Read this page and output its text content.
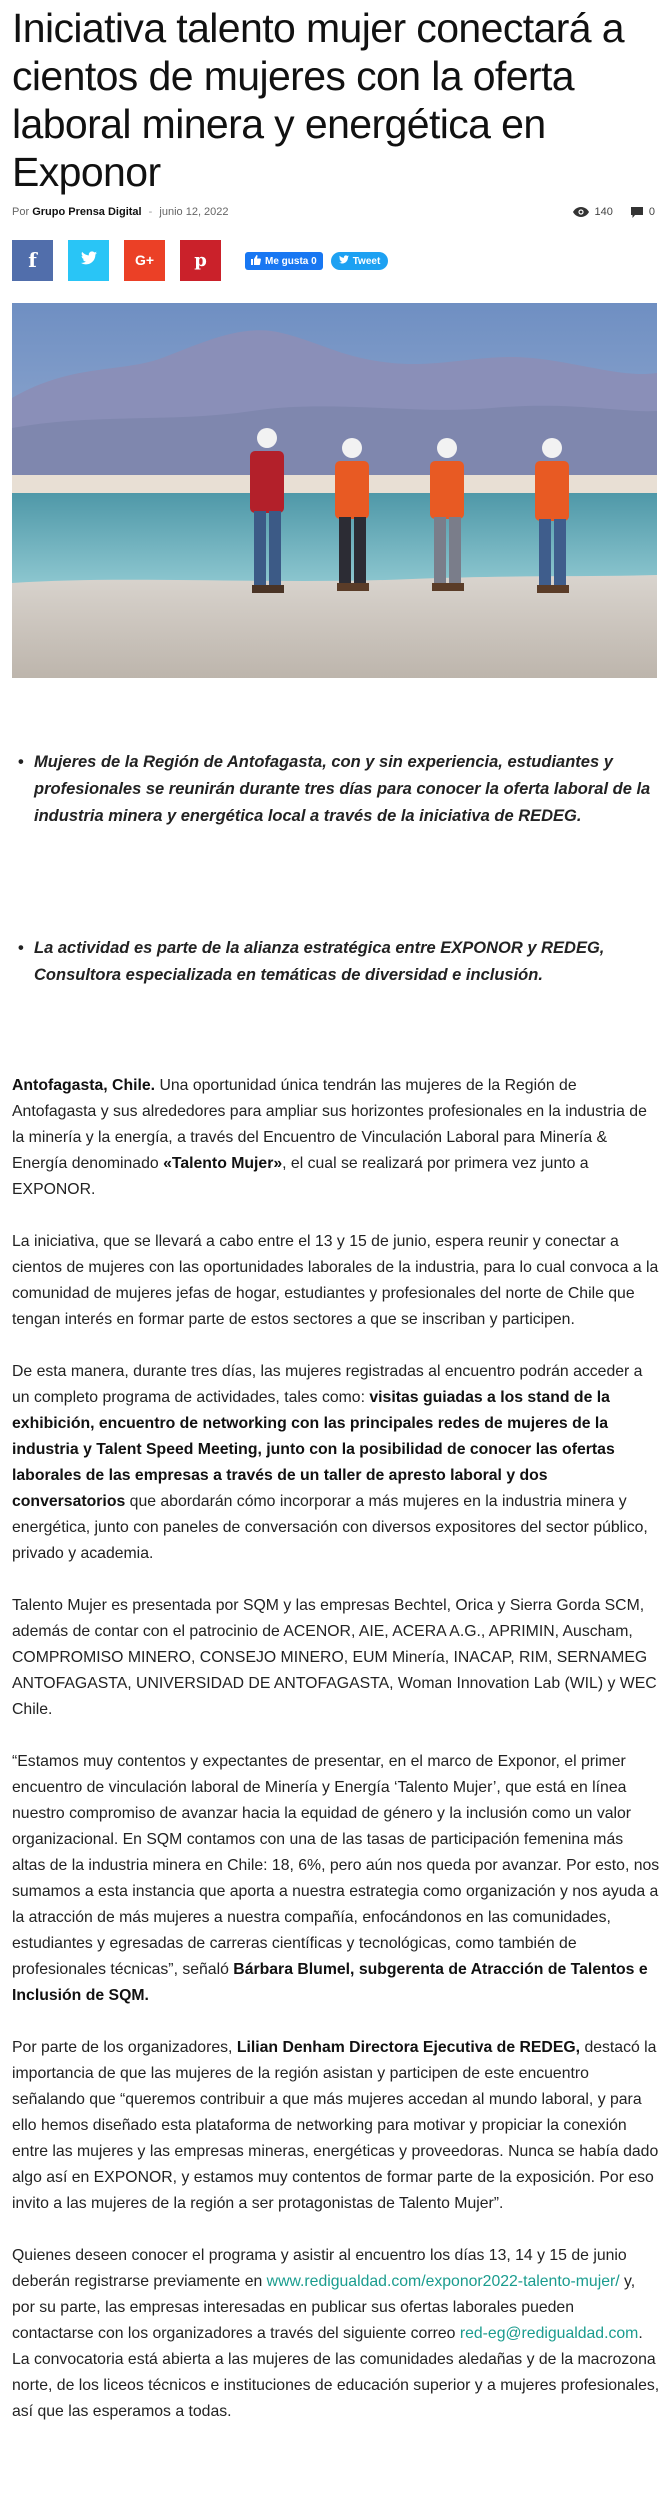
Iniciativa talento mujer conectará a cientos de mujeres con la oferta laboral minera y energética en Exponor
Por Grupo Prensa Digital - junio 12, 2022	140	0
f	G+ p	Me gusta 0	Tweet
• Mujeres de la Región de Antofagasta, con y sin experiencia, estudiantes y profesionales se reunirán durante tres días para conocer la oferta laboral de la industria minera y energética local a través de la iniciativa de REDEG.
• La actividad es parte de la alianza estratégica entre EXPONOR y REDEG, Consultora especializada en temáticas de diversidad e inclusión.

Antofagasta, Chile. Una oportunidad única tendrán las mujeres de la Región de Antofagasta y sus alrededores para ampliar sus horizontes profesionales en la industria de la minería y la energía, a través del Encuentro de Vinculación Laboral para Minería & Energía denominado «Talento Mujer», el cual se realizará por primera vez junto a EXPONOR.

La iniciativa, que se llevará a cabo entre el 13 y 15 de junio, espera reunir y conectar a cientos de mujeres con las oportunidades laborales de la industria, para lo cual convoca a la comunidad de mujeres jefas de hogar, estudiantes y profesionales del norte de Chile que tengan interés en formar parte de estos sectores a que se inscriban y participen.

De esta manera, durante tres días, las mujeres registradas al encuentro podrán acceder a un completo programa de actividades, tales como: visitas guiadas a los stand de la exhibición, encuentro de networking con las principales redes de mujeres de la industria y Talent Speed Meeting, junto con la posibilidad de conocer las ofertas laborales de las empresas a través de un taller de apresto laboral y dos conversatorios que abordarán cómo incorporar a más mujeres en la industria minera y energética, junto con paneles de conversación con diversos expositores del sector público, privado y academia.

Talento Mujer es presentada por SQM y las empresas Bechtel, Orica y Sierra Gorda SCM, además de contar con el patrocinio de ACENOR, AIE, ACERA A.G., APRIMIN, Auscham, COMPROMISO MINERO, CONSEJO MINERO, EUM Minería, INACAP, RIM, SERNAMEG ANTOFAGASTA, UNIVERSIDAD DE ANTOFAGASTA, Woman Innovation Lab (WIL) y WEC Chile.

“Estamos muy contentos y expectantes de presentar, en el marco de Exponor, el primer encuentro de vinculación laboral de Minería y Energía ‘Talento Mujer’, que está en línea nuestro compromiso de avanzar hacia la equidad de género y la inclusión como un valor organizacional. En SQM contamos con una de las tasas de participación femenina más altas de la industria minera en Chile: 18, 6%, pero aún nos queda por avanzar. Por esto, nos sumamos a esta instancia que aporta a nuestra estrategia como organización y nos ayuda a la atracción de más mujeres a nuestra compañía, enfocándonos en las comunidades, estudiantes y egresadas de carreras científicas y tecnológicas, como también de profesionales técnicas”, señaló Bárbara Blumel, subgerenta de Atracción de Talentos e Inclusión de SQM.

Por parte de los organizadores, Lilian Denham Directora Ejecutiva de REDEG, destacó la importancia de que las mujeres de la región asistan y participen de este encuentro señalando que “queremos contribuir a que más mujeres accedan al mundo laboral, y para ello hemos diseñado esta plataforma de networking para motivar y propiciar la conexión entre las mujeres y las empresas mineras, energéticas y proveedoras. Nunca se había dado algo así en EXPONOR, y estamos muy contentos de formar parte de la exposición. Por eso invito a las mujeres de la región a ser protagonistas de Talento Mujer”.

Quienes deseen conocer el programa y asistir al encuentro los días 13, 14 y 15 de junio deberán registrarse previamente en www.redigualdad.com/exponor2022-talento-mujer/ y, por su parte, las empresas interesadas en publicar sus ofertas laborales pueden contactarse con los organizadores a través del siguiente correo red-eg@redigualdad.com. La convocatoria está abierta a las mujeres de las comunidades aledañas y de la macrozona norte, de los liceos técnicos e instituciones de educación superior y a mujeres profesionales, así que las esperamos a todas.
